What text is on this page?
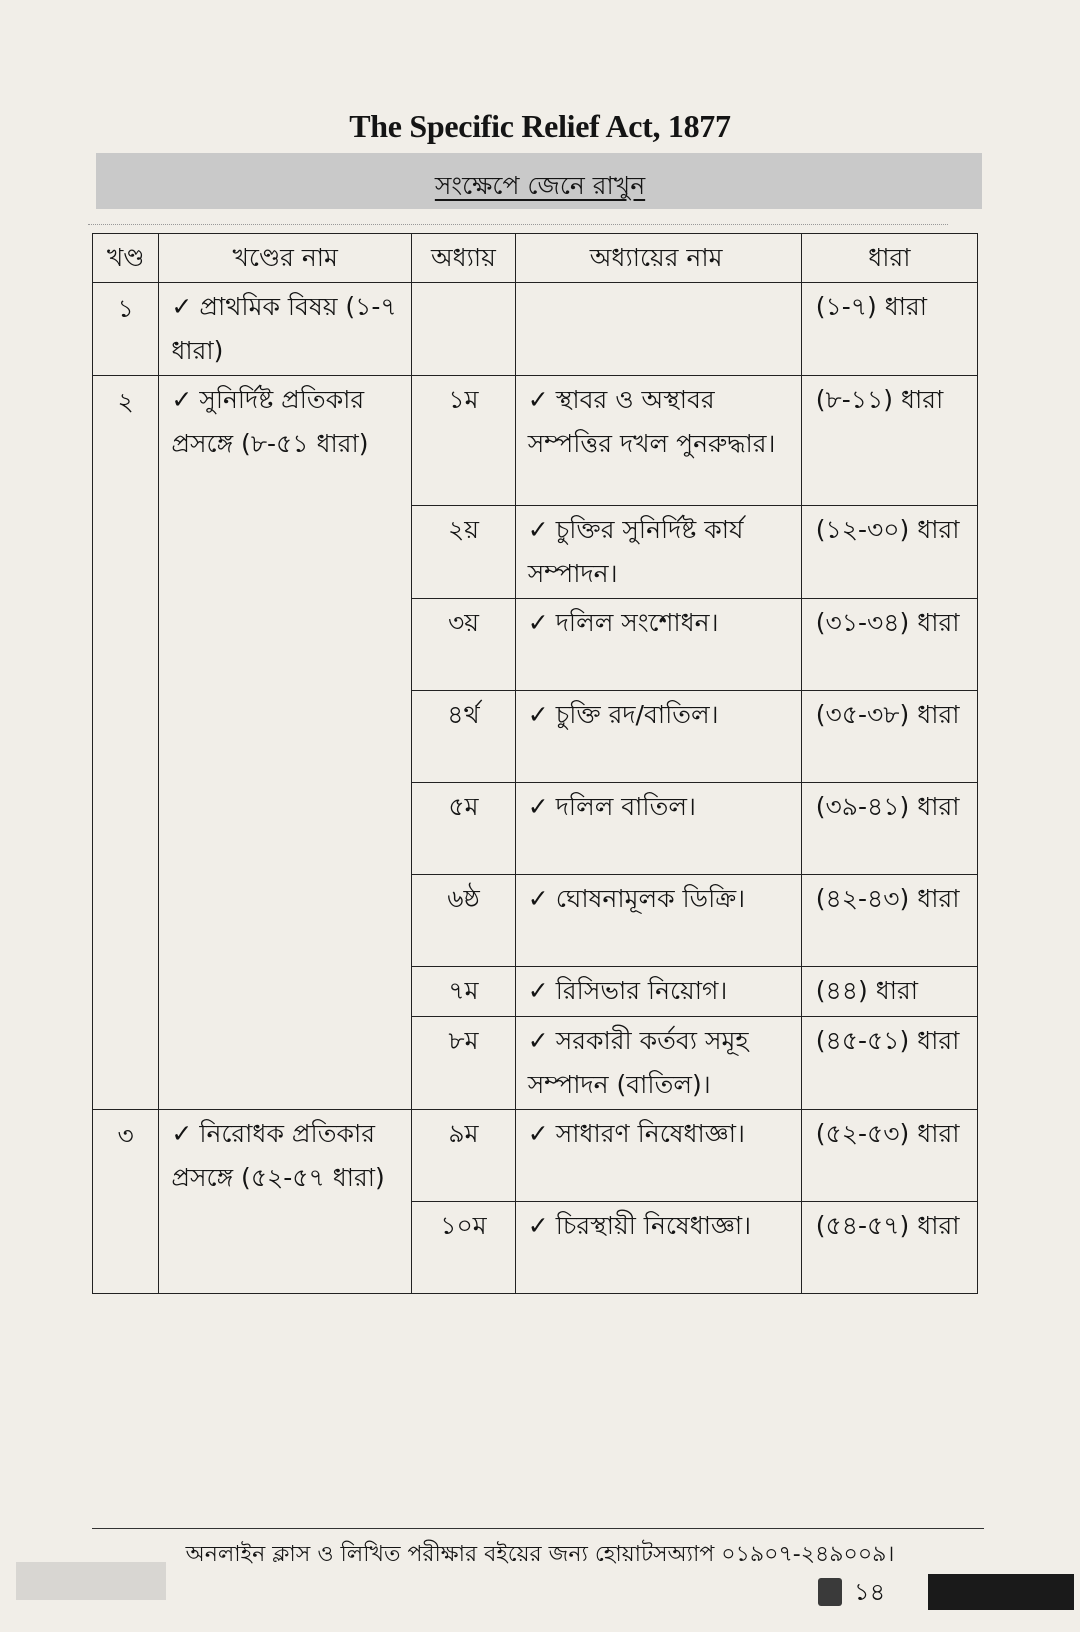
The Specific Relief Act, 1877
সংক্ষেপে জেনে রাখুন
খণ্ড	খণ্ডের নাম	অধ্যায়	অধ্যায়ের নাম	ধারা
১	✓ প্রাথমিক বিষয় (১-৭ ধারা)			(১-৭) ধারা
২	✓ সুনির্দিষ্ট প্রতিকার প্রসঙ্গে (৮-৫১ ধারা)	১ম	✓ স্থাবর ও অস্থাবর সম্পত্তির দখল পুনরুদ্ধার।	(৮-১১) ধারা
		২য়	✓ চুক্তির সুনির্দিষ্ট কার্য সম্পাদন।	(১২-৩০) ধারা
		৩য়	✓ দলিল সংশোধন।	(৩১-৩৪) ধারা
		৪র্থ	✓ চুক্তি রদ/বাতিল।	(৩৫-৩৮) ধারা
		৫ম	✓ দলিল বাতিল।	(৩৯-৪১) ধারা
		৬ষ্ঠ	✓ ঘোষনামূলক ডিক্রি।	(৪২-৪৩) ধারা
		৭ম	✓ রিসিভার নিয়োগ।	(৪৪) ধারা
		৮ম	✓ সরকারী কর্তব্য সমূহ সম্পাদন (বাতিল)।	(৪৫-৫১) ধারা
৩	✓ নিরোধক প্রতিকার প্রসঙ্গে (৫২-৫৭ ধারা)	৯ম	✓ সাধারণ নিষেধাজ্ঞা।	(৫২-৫৩) ধারা
		১০ম	✓ চিরস্থায়ী নিষেধাজ্ঞা।	(৫৪-৫৭) ধারা
অনলাইন ক্লাস ও লিখিত পরীক্ষার বইয়ের জন্য হোয়াটসঅ্যাপ ০১৯০৭-২৪৯০০৯।
১৪
